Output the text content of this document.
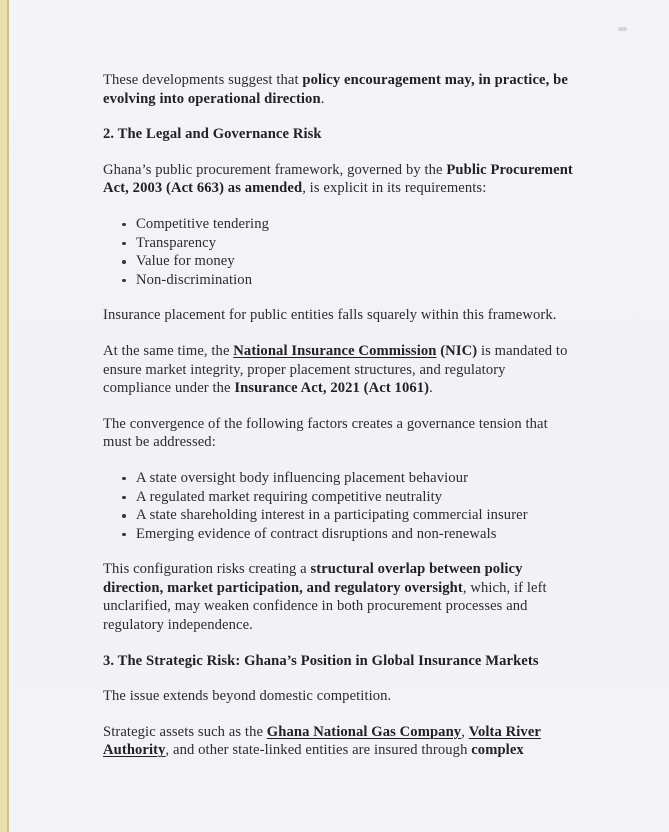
These developments suggest that policy encouragement may, in practice, be evolving into operational direction.

2. The Legal and Governance Risk

Ghana’s public procurement framework, governed by the Public Procurement Act, 2003 (Act 663) as amended, is explicit in its requirements:

Competitive tendering
Transparency
Value for money
Non-discrimination

Insurance placement for public entities falls squarely within this framework.

At the same time, the National Insurance Commission (NIC) is mandated to ensure market integrity, proper placement structures, and regulatory compliance under the Insurance Act, 2021 (Act 1061).

The convergence of the following factors creates a governance tension that must be addressed:

A state oversight body influencing placement behaviour
A regulated market requiring competitive neutrality
A state shareholding interest in a participating commercial insurer
Emerging evidence of contract disruptions and non-renewals

This configuration risks creating a structural overlap between policy direction, market participation, and regulatory oversight, which, if left unclarified, may weaken confidence in both procurement processes and regulatory independence.

3. The Strategic Risk: Ghana’s Position in Global Insurance Markets

The issue extends beyond domestic competition.

Strategic assets such as the Ghana National Gas Company, Volta River Authority, and other state-linked entities are insured through complex
